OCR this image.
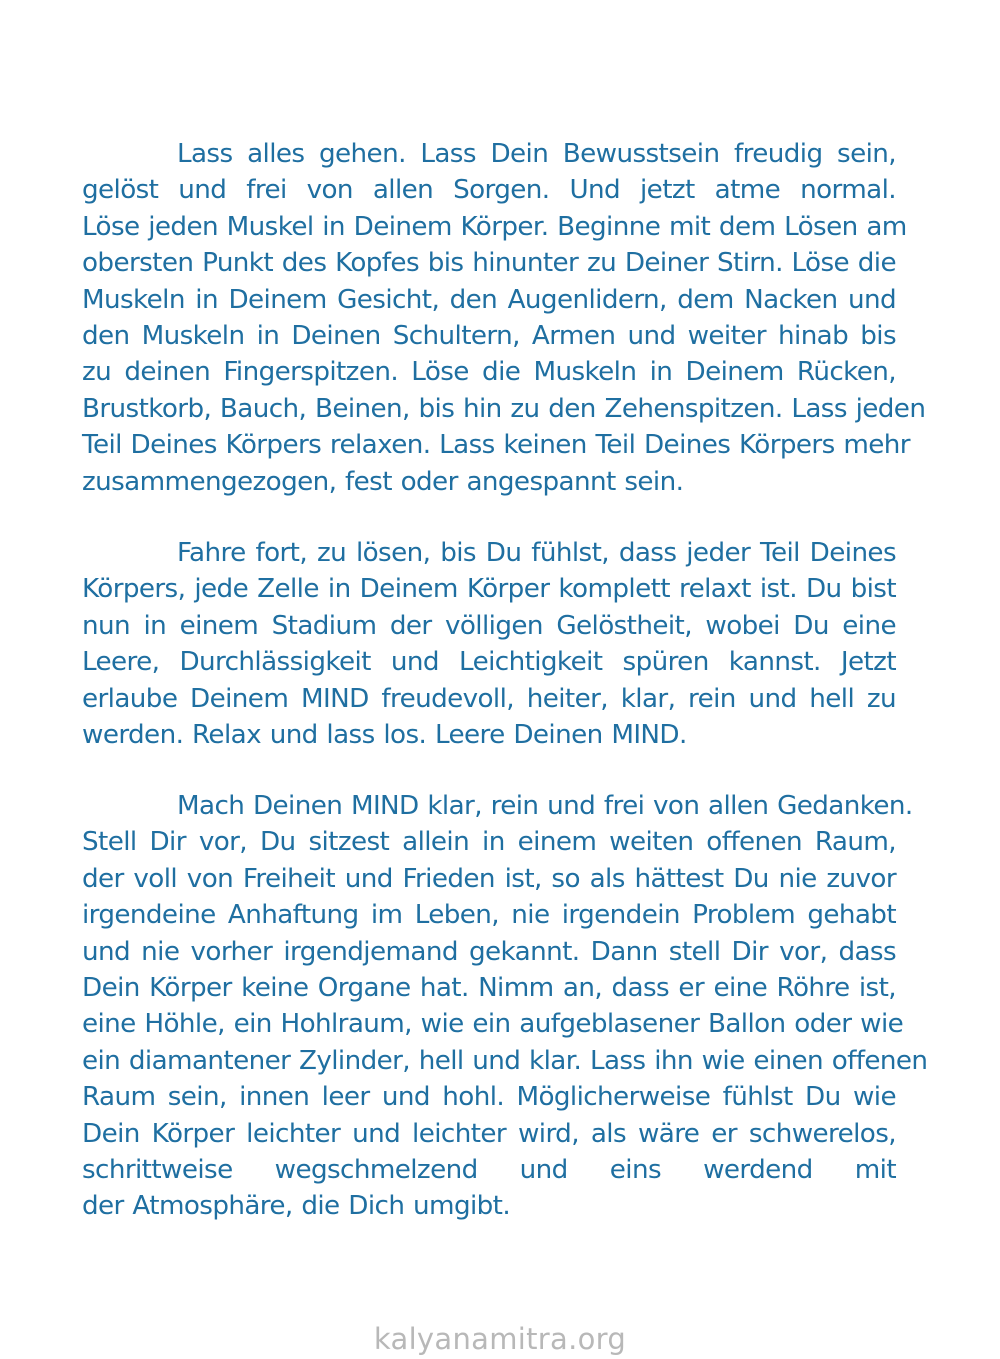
Lass alles gehen. Lass Dein Bewusstsein freudig sein,
gelöst und frei von allen Sorgen. Und jetzt atme normal.
Löse jeden Muskel in Deinem Körper. Beginne mit dem Lösen am
obersten Punkt des Kopfes bis hinunter zu Deiner Stirn. Löse die
Muskeln in Deinem Gesicht, den Augenlidern, dem Nacken und
den Muskeln in Deinen Schultern, Armen und weiter hinab bis
zu deinen Fingerspitzen. Löse die Muskeln in Deinem Rücken,
Brustkorb, Bauch, Beinen, bis hin zu den Zehenspitzen. Lass jeden
Teil Deines Körpers relaxen. Lass keinen Teil Deines Körpers mehr
zusammengezogen, fest oder angespannt sein.
Fahre fort, zu lösen, bis Du fühlst, dass jeder Teil Deines
Körpers, jede Zelle in Deinem Körper komplett relaxt ist. Du bist
nun in einem Stadium der völligen Gelöstheit, wobei Du eine
Leere, Durchlässigkeit und Leichtigkeit spüren kannst. Jetzt
erlaube Deinem MIND freudevoll, heiter, klar, rein und hell zu
werden. Relax und lass los. Leere Deinen MIND.
Mach Deinen MIND klar, rein und frei von allen Gedanken.
Stell Dir vor, Du sitzest allein in einem weiten offenen Raum,
der voll von Freiheit und Frieden ist, so als hättest Du nie zuvor
irgendeine Anhaftung im Leben, nie irgendein Problem gehabt
und nie vorher irgendjemand gekannt. Dann stell Dir vor, dass
Dein Körper keine Organe hat. Nimm an, dass er eine Röhre ist,
eine Höhle, ein Hohlraum, wie ein aufgeblasener Ballon oder wie
ein diamantener Zylinder, hell und klar. Lass ihn wie einen offenen
Raum sein, innen leer und hohl. Möglicherweise fühlst Du wie
Dein Körper leichter und leichter wird, als wäre er schwerelos,
schrittweise wegschmelzend und eins werdend mit
der Atmosphäre, die Dich umgibt.

kalyanamitra.org
